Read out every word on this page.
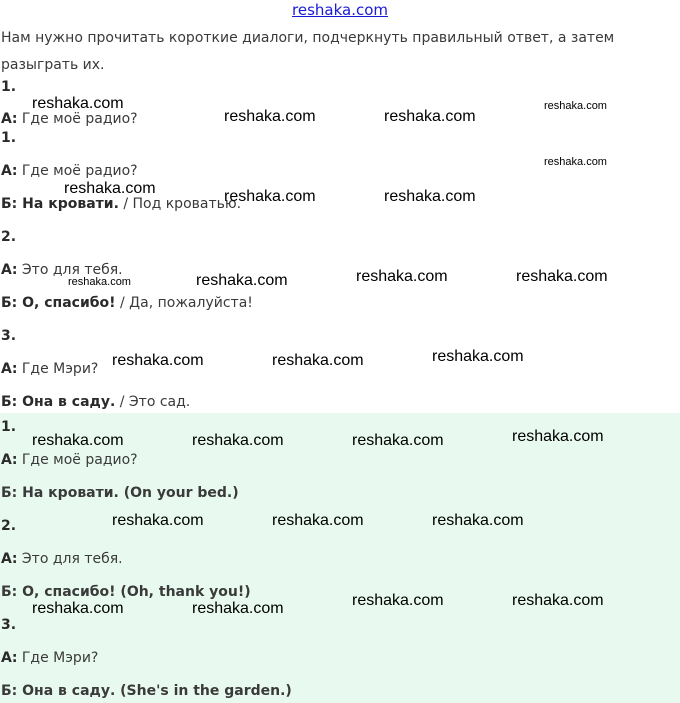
reshaka.com
Нам нужно прочитать короткие диалоги, подчеркнуть правильный ответ, а затем разыграть их.
1.
А: Где моё радио?
1.
А: Где моё радио?
Б: На кровати. / Под кроватью.
2.
А: Это для тебя.
Б: О, спасибо! / Да, пожалуйста!
3.
А: Где Мэри?
Б: Она в саду. / Это сад.
1.
А: Где моё радио?
Б: На кровати. (On your bed.)
2.
А: Это для тебя.
Б: О, спасибо! (Oh, thank you!)
3.
А: Где Мэри?
Б: Она в саду. (She's in the garden.)
reshaka.com
reshaka.com	reshaka.com
reshaka.com
reshaka.com
reshaka.com	reshaka.com	reshaka.com
reshaka.com	reshaka.com	reshaka.com	reshaka.com
reshaka.com	reshaka.com	reshaka.com
reshaka.com	reshaka.com	reshaka.com	reshaka.com
reshaka.com	reshaka.com	reshaka.com
reshaka.com	reshaka.com	reshaka.com	reshaka.com
